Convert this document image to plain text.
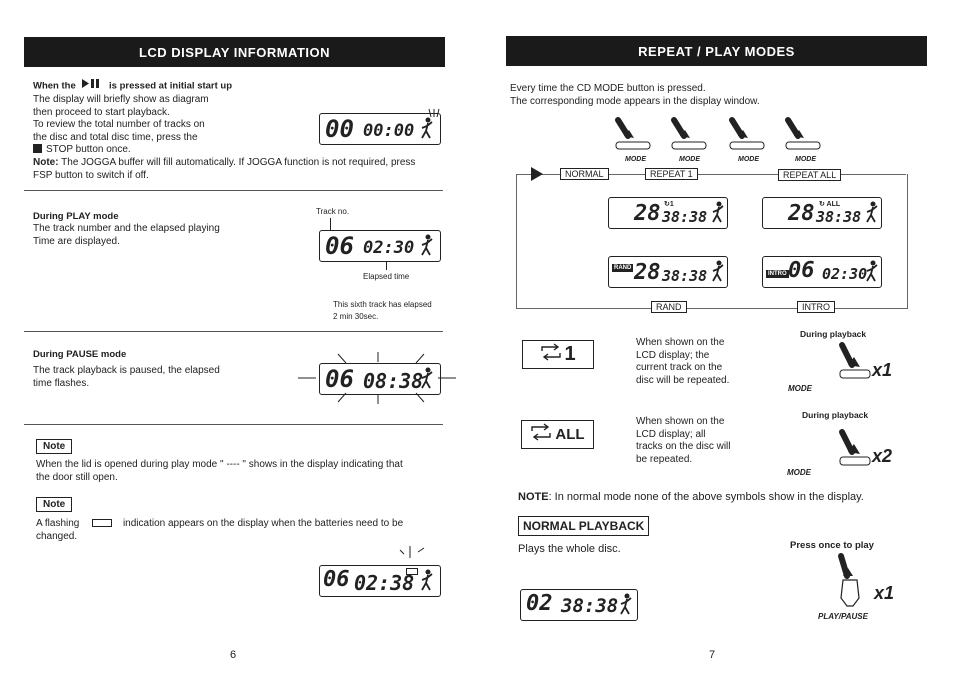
LCD DISPLAY INFORMATION
When the	is pressed at initial start up
The display will briefly show as diagram
then proceed to start playback.
To review the total number of tracks on
the disc and total disc time, press the
STOP button once.
Note: The JOGGA buffer will fill automatically. If JOGGA function is not required, press
FSP button to switch if off.
00 00:00
During PLAY mode
The track number and the elapsed playing
Time are displayed.
Track no.
06 02:30
Elapsed time
This sixth track has elapsed
2 min 30sec.
During PAUSE mode
The track playback is paused, the elapsed
time flashes.	06 08:38
Note
When the lid is opened during play mode " ---- " shows in the display indicating that
the door still open.
Note
A flashing	indication appears on the display when the batteries need to be
changed.
06 02:38
6
REPEAT / PLAY MODES
Every time the CD MODE button is pressed.
The corresponding mode appears in the display window.
MODE	MODE	MODE	MODE
NORMAL	REPEAT 1	REPEAT ALL
RAND	INTRO
28 ↻1
38:38	28 ↻ ALL
38:38
RAND 28 38:38	INTRO 06 02:30
1
When shown on the
LCD display; the
current track on the
disc will be repeated.
During playback
x1
MODE
ALL
When shown on the
LCD display; all
tracks on the disc will
be repeated.
During playback
x2
MODE
NOTE: In normal mode none of the above symbols show in the display.
NORMAL PLAYBACK
Plays the whole disc.	Press once to play
x1
PLAY/PAUSE
02 38:38
7
